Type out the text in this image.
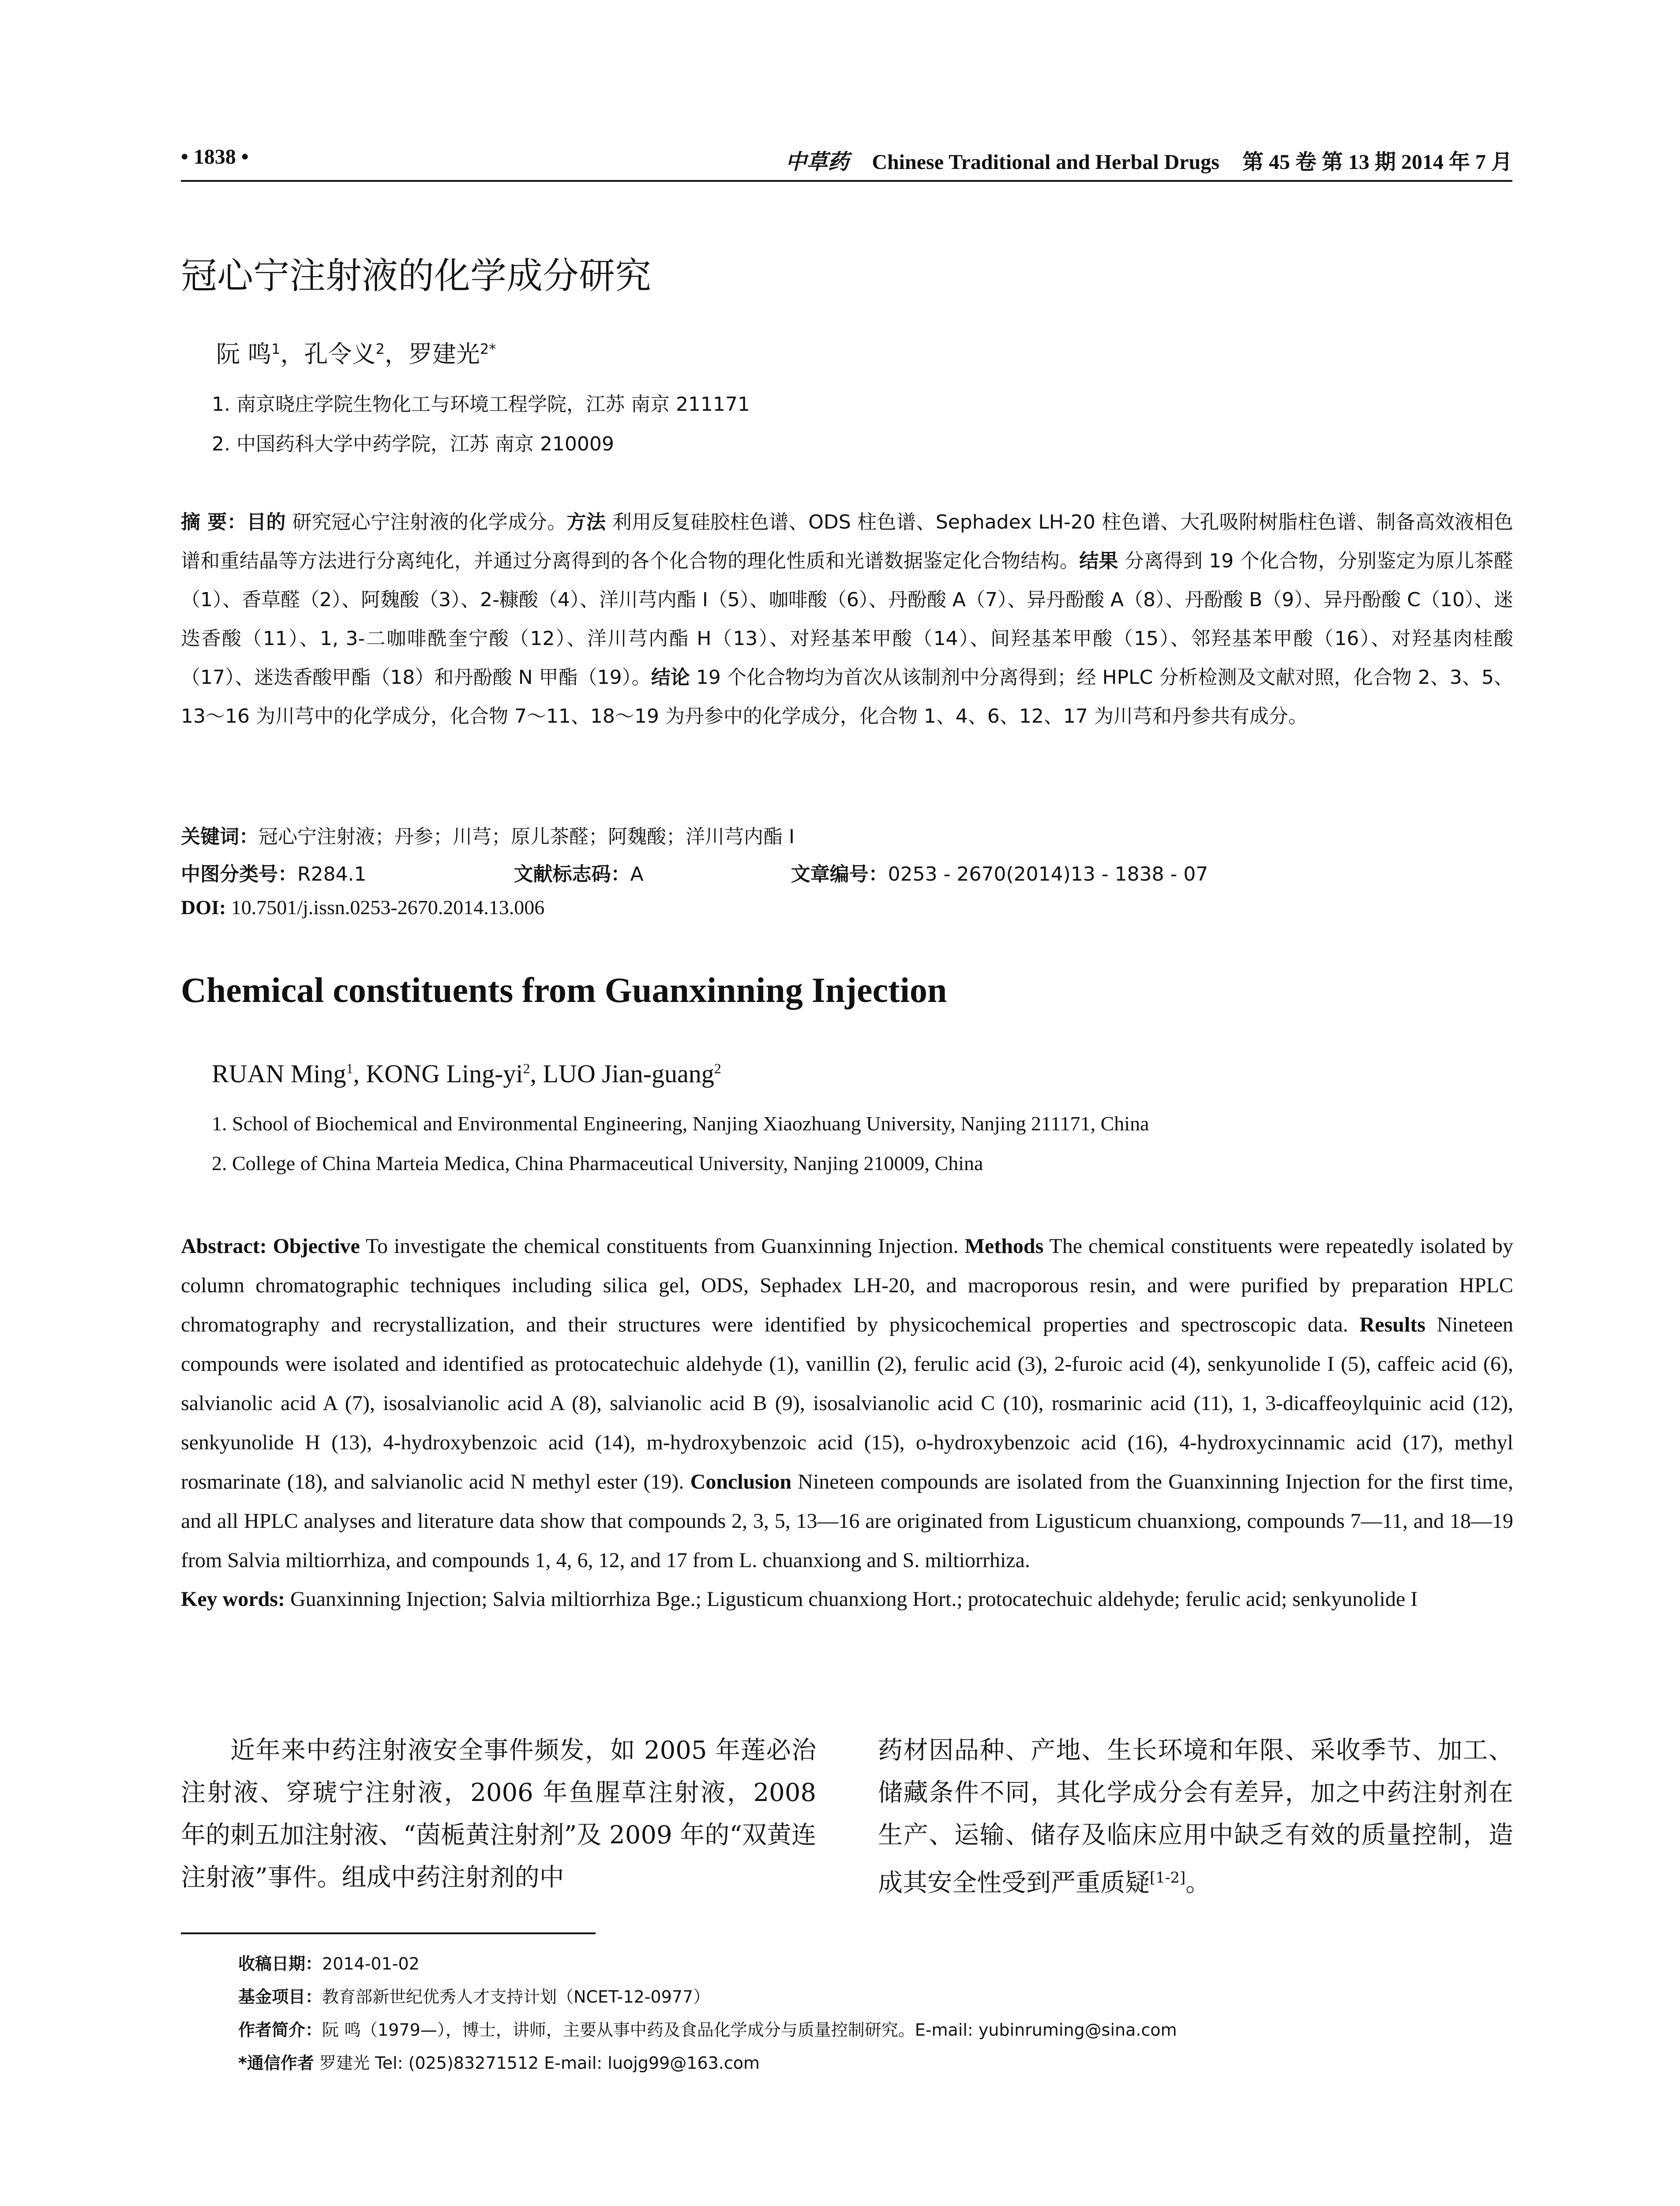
• 1838 •	中草药 Chinese Traditional and Herbal Drugs 第 45 卷 第 13 期 2014 年 7 月
冠心宁注射液的化学成分研究
阮 鸣$^1$，孔令义$^2$，罗建光$^{2*}$
1. 南京晓庄学院生物化工与环境工程学院，江苏 南京 211171
2. 中国药科大学中药学院，江苏 南京 210009
摘 要：目的 研究冠心宁注射液的化学成分。方法 利用反复硅胶柱色谱、ODS 柱色谱、Sephadex LH-20 柱色谱、大孔吸附树脂柱色谱、制备高效液相色谱和重结晶等方法进行分离纯化，并通过分离得到的各个化合物的理化性质和光谱数据鉴定化合物结构。结果 分离得到 19 个化合物，分别鉴定为原儿茶醛（1）、香草醛（2）、阿魏酸（3）、2-糠酸（4）、洋川芎内酯 I（5）、咖啡酸（6）、丹酚酸 A（7）、异丹酚酸 A（8）、丹酚酸 B（9）、异丹酚酸 C（10）、迷迭香酸（11）、1, 3-二咖啡酰奎宁酸（12）、洋川芎内酯 H（13）、对羟基苯甲酸（14）、间羟基苯甲酸（15）、邻羟基苯甲酸（16）、对羟基肉桂酸（17）、迷迭香酸甲酯（18）和丹酚酸 N 甲酯（19）。结论 19 个化合物均为首次从该制剂中分离得到；经 HPLC 分析检测及文献对照，化合物 2、3、5、13～16 为川芎中的化学成分，化合物 7～11、18～19 为丹参中的化学成分，化合物 1、4、6、12、17 为川芎和丹参共有成分。
关键词：冠心宁注射液；丹参；川芎；原儿茶醛；阿魏酸；洋川芎内酯 I
中图分类号：R284.1	文献标志码：A	文章编号：0253 - 2670(2014)13 - 1838 - 07
DOI: 10.7501/j.issn.0253-2670.2014.13.006
Chemical constituents from Guanxinning Injection
RUAN Ming$^1$, KONG Ling-$yi^2$, LUO Jian-guang$^2$
1. School of Biochemical and Environmental Engineering, Nanjing Xiaozhuang University, Nanjing 211171, China
2. College of China Marteia Medica, China Pharmaceutical University, Nanjing 210009, China
Abstract: Objective To investigate the chemical constituents from Guanxinning Injection. Methods The chemical constituents were repeatedly isolated by column chromatographic techniques including silica gel, ODS, Sephadex LH-20, and macroporous resin, and were purified by preparation HPLC chromatography and recrystallization, and their structures were identified by physicochemical properties and spectroscopic data. Results Nineteen compounds were isolated and identified as protocatechuic aldehyde (1), vanillin (2), ferulic acid (3), 2-furoic acid (4), senkyunolide I (5), caffeic acid (6), salvianolic acid A (7), isosalvianolic acid A (8), salvianolic acid B (9), isosalvianolic acid C (10), rosmarinic acid (11), 1, 3-dicaffeoylquinic acid (12), senkyunolide H (13), 4-hydroxybenzoic acid (14), m-hydroxybenzoic acid (15), o-hydroxybenzoic acid (16), 4-hydroxycinnamic acid (17), methyl rosmarinate (18), and salvianolic acid N methyl ester (19). Conclusion Nineteen compounds are isolated from the Guanxinning Injection for the first time, and all HPLC analyses and literature data show that compounds 2, 3, 5, 13—16 are originated from Ligusticum chuanxiong, compounds 7—11, and 18—19 from Salvia miltiorrhiza, and compounds 1, 4, 6, 12, and 17 from L. chuanxiong and S. miltiorrhiza.
Key words: Guanxinning Injection; Salvia miltiorrhiza Bge.; Ligusticum chuanxiong Hort.; protocatechuic aldehyde; ferulic acid; senkyunolide I
近年来中药注射液安全事件频发，如 2005 年莲必治注射液、穿琥宁注射液，2006 年鱼腥草注射液，2008 年的刺五加注射液、“茵栀黄注射剂”及 2009 年的“双黄连注射液”事件。组成中药注射剂的中
药材因品种、产地、生长环境和年限、采收季节、加工、储藏条件不同，其化学成分会有差异，加之中药注射剂在生产、运输、储存及临床应用中缺乏有效的质量控制，造成其安全性受到严重质疑[1-2]。
收稿日期：2014-01-02
基金项目：教育部新世纪优秀人才支持计划（NCET-12-0977）
作者简介：阮 鸣（1979—），博士，讲师，主要从事中药及食品化学成分与质量控制研究。E-mail: yubinruming@sina.com
*通信作者 罗建光 Tel: (025)83271512 E-mail: luojg99@163.com
